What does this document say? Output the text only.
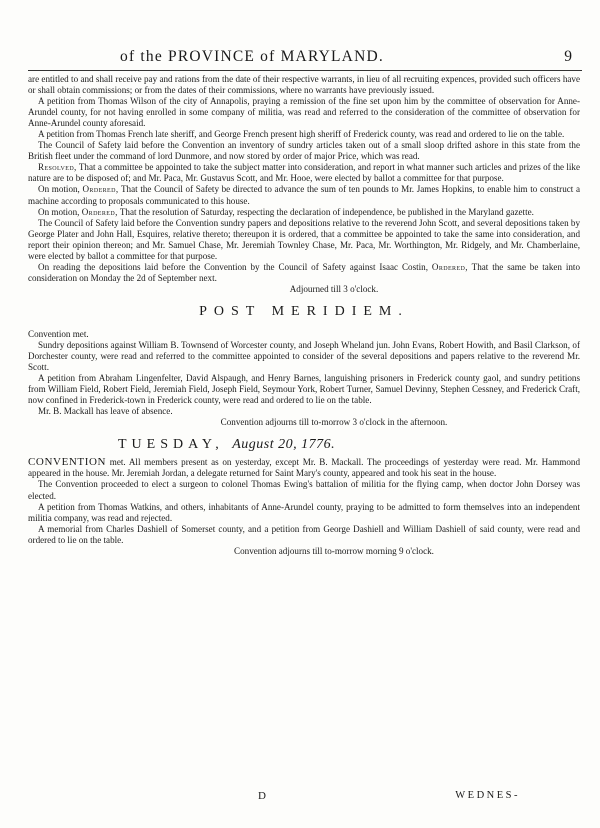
of the PROVINCE of MARYLAND.	9

are entitled to and shall receive pay and rations from the date of their respective warrants, in lieu of all recruiting expences, provided such officers have or shall obtain commissions; or from the dates of their commissions, where no warrants have previously issued.

A petition from Thomas Wilson of the city of Annapolis, praying a remission of the fine set upon him by the committee of observation for Anne-Arundel county, for not having enrolled in some company of militia, was read and referred to the consideration of the committee of observation for Anne-Arundel county aforesaid.

A petition from Thomas French late sheriff, and George French present high sheriff of Frederick county, was read and ordered to lie on the table.

The Council of Safety laid before the Convention an inventory of sundry articles taken out of a small sloop drifted ashore in this state from the British fleet under the command of lord Dunmore, and now stored by order of major Price, which was read.

Resolved, That a committee be appointed to take the subject matter into consideration, and report in what manner such articles and prizes of the like nature are to be disposed of; and Mr. Paca, Mr. Gustavus Scott, and Mr. Hooe, were elected by ballot a committee for that purpose.

On motion, Ordered, That the Council of Safety be directed to advance the sum of ten pounds to Mr. James Hopkins, to enable him to construct a machine according to proposals communicated to this house.

On motion, Ordered, That the resolution of Saturday, respecting the declaration of independence, be published in the Maryland gazette.

The Council of Safety laid before the Convention sundry papers and depositions relative to the reverend John Scott, and several depositions taken by George Plater and John Hall, Esquires, relative thereto; thereupon it is ordered, that a committee be appointed to take the same into consideration, and report their opinion thereon; and Mr. Samuel Chase, Mr. Jeremiah Townley Chase, Mr. Paca, Mr. Worthington, Mr. Ridgely, and Mr. Chamberlaine, were elected by ballot a committee for that purpose.

On reading the depositions laid before the Convention by the Council of Safety against Isaac Costin, Ordered, That the same be taken into consideration on Monday the 2d of September next.

Adjourned till 3 o'clock.

POST MERIDIEM.

Convention met.

Sundry depositions against William B. Townsend of Worcester county, and Joseph Wheland jun. John Evans, Robert Howith, and Basil Clarkson, of Dorchester county, were read and referred to the committee appointed to consider of the several depositions and papers relative to the reverend Mr. Scott.

A petition from Abraham Lingenfelter, David Alspaugh, and Henry Barnes, languishing prisoners in Frederick county gaol, and sundry petitions from William Field, Robert Field, Jeremiah Field, Joseph Field, Seymour York, Robert Turner, Samuel Devinny, Stephen Cessney, and Frederick Craft, now confined in Frederick-town in Frederick county, were read and ordered to lie on the table.

Mr. B. Mackall has leave of absence.

Convention adjourns till to-morrow 3 o'clock in the afternoon.

TUESDAY, August 20, 1776.

CONVENTION met. All members present as on yesterday, except Mr. B. Mackall. The proceedings of yesterday were read. Mr. Hammond appeared in the house. Mr. Jeremiah Jordan, a delegate returned for Saint Mary's county, appeared and took his seat in the house.

The Convention proceeded to elect a surgeon to colonel Thomas Ewing's battalion of militia for the flying camp, when doctor John Dorsey was elected.

A petition from Thomas Watkins, and others, inhabitants of Anne-Arundel county, praying to be admitted to form themselves into an independent militia company, was read and rejected.

A memorial from Charles Dashiell of Somerset county, and a petition from George Dashiell and William Dashiell of said county, were read and ordered to lie on the table.

Convention adjourns till to-morrow morning 9 o'clock.

D	WEDNES-
